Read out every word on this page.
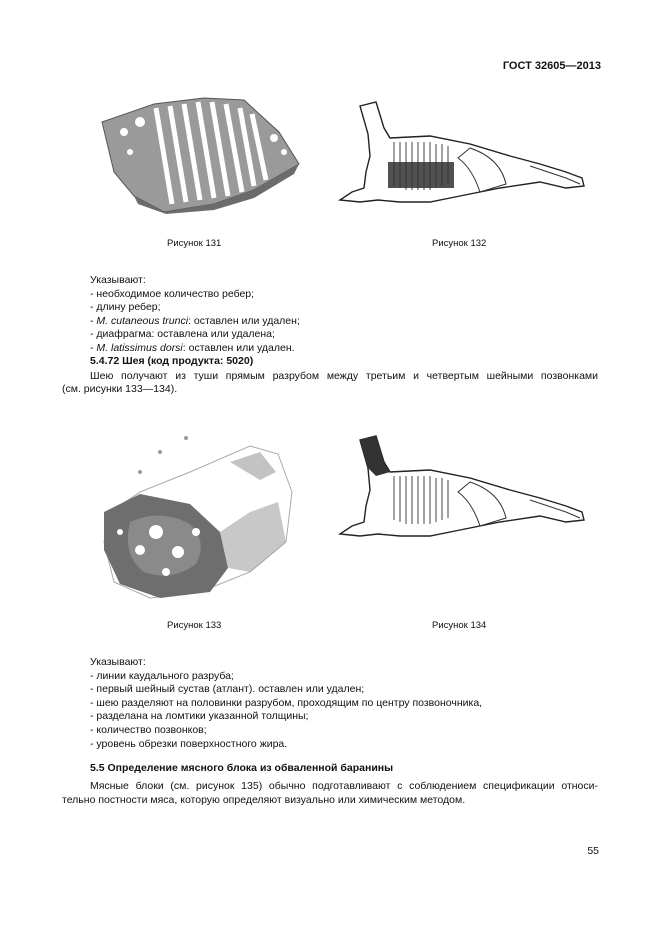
ГОСТ 32605—2013
Рисунок 131	Рисунок 132
Указывают:
- необходимое количество ребер;
- длину ребер;
- M. cutaneous trunci: оставлен или удален;
- диафрагма: оставлена или удалена;
- M. latissimus dorsi: оставлен или удален.
5.4.72 Шея (код продукта: 5020)
Шею получают из туши прямым разрубом между третьим и четвертым шейными позвонками
(см. рисунки 133—134).
Рисунок 133	Рисунок 134
Указывают:
- линии каудального разруба;
- первый шейный сустав (атлант). оставлен или удален;
- шею разделяют на половинки разрубом, проходящим по центру позвоночника,
- разделана на ломтики указанной толщины;
- количество позвонков;
- уровень обрезки поверхностного жира.
5.5 Определение мясного блока из обваленной баранины
Мясные блоки (см. рисунок 135) обычно подготавливают с соблюдением спецификации относи-
тельно постности мяса, которую определяют визуально или химическим методом.
55
